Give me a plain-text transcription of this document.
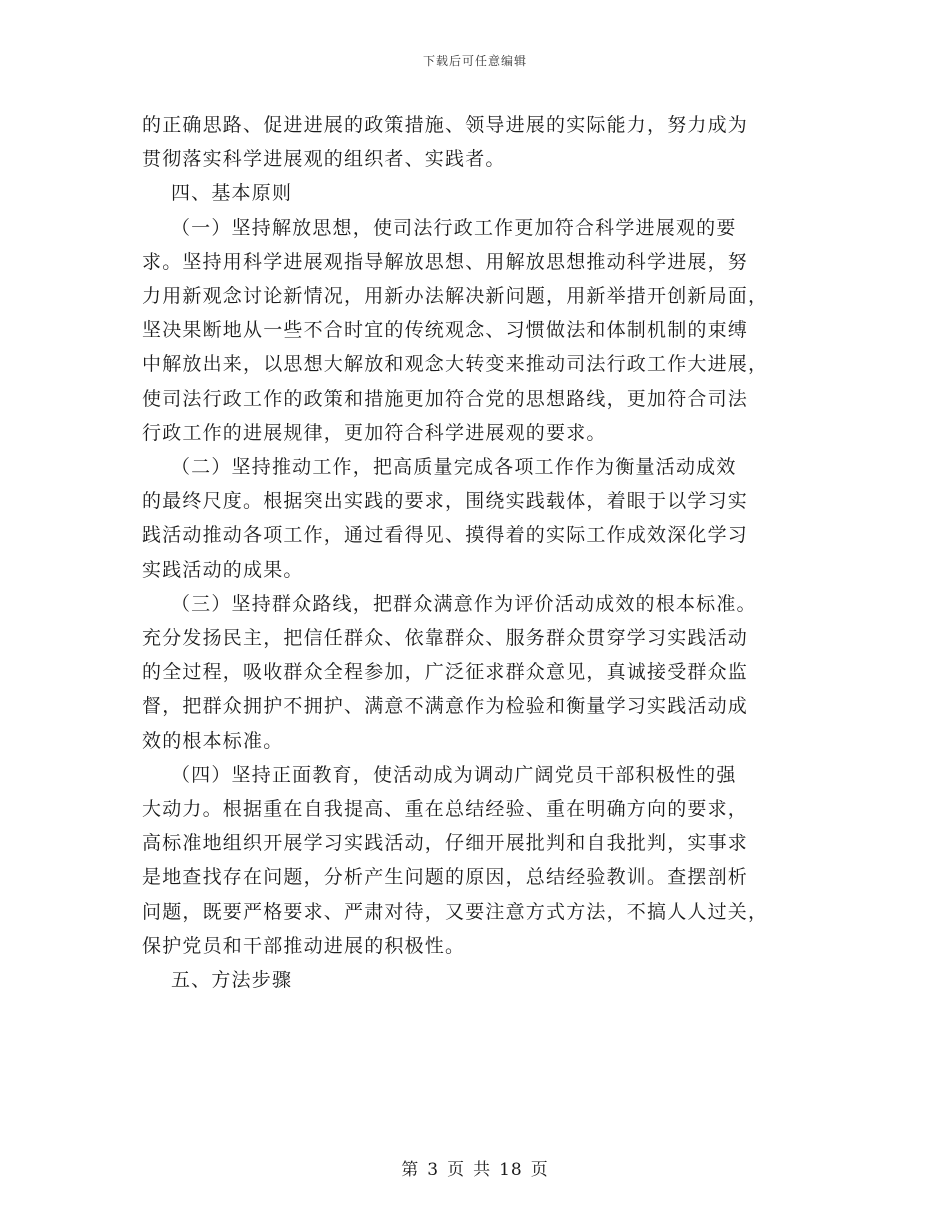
下载后可任意编辑

的正确思路、促进进展的政策措施、领导进展的实际能力，努力成为

贯彻落实科学进展观的组织者、实践者。

四、基本原则

（一）坚持解放思想，使司法行政工作更加符合科学进展观的要

求。坚持用科学进展观指导解放思想、用解放思想推动科学进展，努

力用新观念讨论新情况，用新办法解决新问题，用新举措开创新局面，

坚决果断地从一些不合时宜的传统观念、习惯做法和体制机制的束缚

中解放出来，以思想大解放和观念大转变来推动司法行政工作大进展，

使司法行政工作的政策和措施更加符合党的思想路线，更加符合司法

行政工作的进展规律，更加符合科学进展观的要求。

（二）坚持推动工作，把高质量完成各项工作作为衡量活动成效

的最终尺度。根据突出实践的要求，围绕实践载体，着眼于以学习实

践活动推动各项工作，通过看得见、摸得着的实际工作成效深化学习

实践活动的成果。

（三）坚持群众路线，把群众满意作为评价活动成效的根本标准。

充分发扬民主，把信任群众、依靠群众、服务群众贯穿学习实践活动

的全过程，吸收群众全程参加，广泛征求群众意见，真诚接受群众监

督，把群众拥护不拥护、满意不满意作为检验和衡量学习实践活动成

效的根本标准。

（四）坚持正面教育，使活动成为调动广阔党员干部积极性的强

大动力。根据重在自我提高、重在总结经验、重在明确方向的要求，

高标准地组织开展学习实践活动，仔细开展批判和自我批判，实事求

是地查找存在问题，分析产生问题的原因，总结经验教训。查摆剖析

问题，既要严格要求、严肃对待，又要注意方式方法，不搞人人过关，

保护党员和干部推动进展的积极性。

五、方法步骤

第 3 页 共 18 页
